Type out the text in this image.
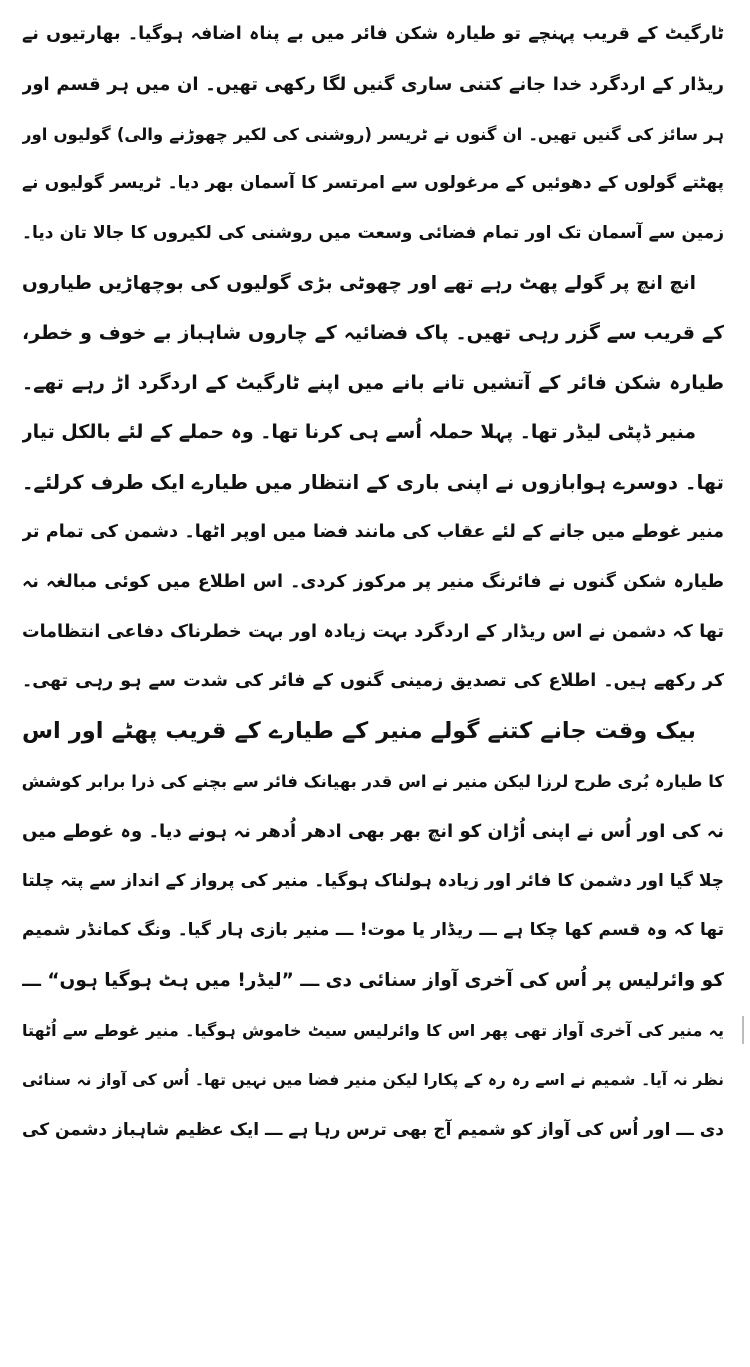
ٹارگیٹ کے قریب پہنچے تو طیارہ شکن فائر میں بے پناہ اضافہ ہوگیا۔ بھارتیوں نے
ریڈار کے اردگرد خدا جانے کتنی ساری گنیں لگا رکھی تھیں۔ ان میں ہر قسم اور
ہر سائز کی گنیں تھیں۔ ان گنوں نے ٹریسر (روشنی کی لکیر چھوڑنے والی) گولیوں اور
پھٹتے گولوں کے دھوئیں کے مرغولوں سے امرتسر کا آسمان بھر دیا۔ ٹریسر گولیوں نے
زمین سے آسمان تک اور تمام فضائی وسعت میں روشنی کی لکیروں کا جالا تان دیا۔
انچ انچ پر گولے پھٹ رہے تھے اور چھوٹی بڑی گولیوں کی بوچھاڑیں طیاروں
کے قریب سے گزر رہی تھیں۔ پاک فضائیہ کے چاروں شاہباز بے خوف و خطر،
طیارہ شکن فائر کے آتشیں تانے بانے میں اپنے ٹارگیٹ کے اردگرد اڑ رہے تھے۔
منیر ڈپٹی لیڈر تھا۔ پہلا حملہ اُسے ہی کرنا تھا۔ وہ حملے کے لئے بالکل تیار
تھا۔ دوسرے ہوابازوں نے اپنی باری کے انتظار میں طیارے ایک طرف کرلئے۔
منیر غوطے میں جانے کے لئے عقاب کی مانند فضا میں اوپر اٹھا۔ دشمن کی تمام تر
طیارہ شکن گنوں نے فائرنگ منیر پر مرکوز کردی۔ اس اطلاع میں کوئی مبالغہ نہ
تھا کہ دشمن نے اس ریڈار کے اردگرد بہت زیادہ اور بہت خطرناک دفاعی انتظامات
کر رکھے ہیں۔ اطلاع کی تصدیق زمینی گنوں کے فائر کی شدت سے ہو رہی تھی۔
بیک وقت جانے کتنے گولے منیر کے طیارے کے قریب پھٹے اور اس
کا طیارہ بُری طرح لرزا لیکن منیر نے اس قدر بھیانک فائر سے بچنے کی ذرا برابر کوشش
نہ کی اور اُس نے اپنی اُڑان کو انچ بھر بھی ادھر اُدھر نہ ہونے دیا۔ وہ غوطے میں
چلا گیا اور دشمن کا فائر اور زیادہ ہولناک ہوگیا۔ منیر کی پرواز کے انداز سے پتہ چلتا
تھا کہ وہ قسم کھا چکا ہے ـــ ریڈار یا موت! ـــ منیر بازی ہار گیا۔ ونگ کمانڈر شمیم
کو وائرلیس پر اُس کی آخری آواز سنائی دی ـــ ”لیڈر! میں ہٹ ہوگیا ہوں“ ـــ
یہ منیر کی آخری آواز تھی پھر اس کا وائرلیس سیٹ خاموش ہوگیا۔ منیر غوطے سے اُٹھتا
نظر نہ آیا۔ شمیم نے اسے رہ رہ کے پکارا لیکن منیر فضا میں نہیں تھا۔ اُس کی آواز نہ سنائی
دی ـــ اور اُس کی آواز کو شمیم آج بھی ترس رہا ہے ـــ ایک عظیم شاہباز دشمن کی
